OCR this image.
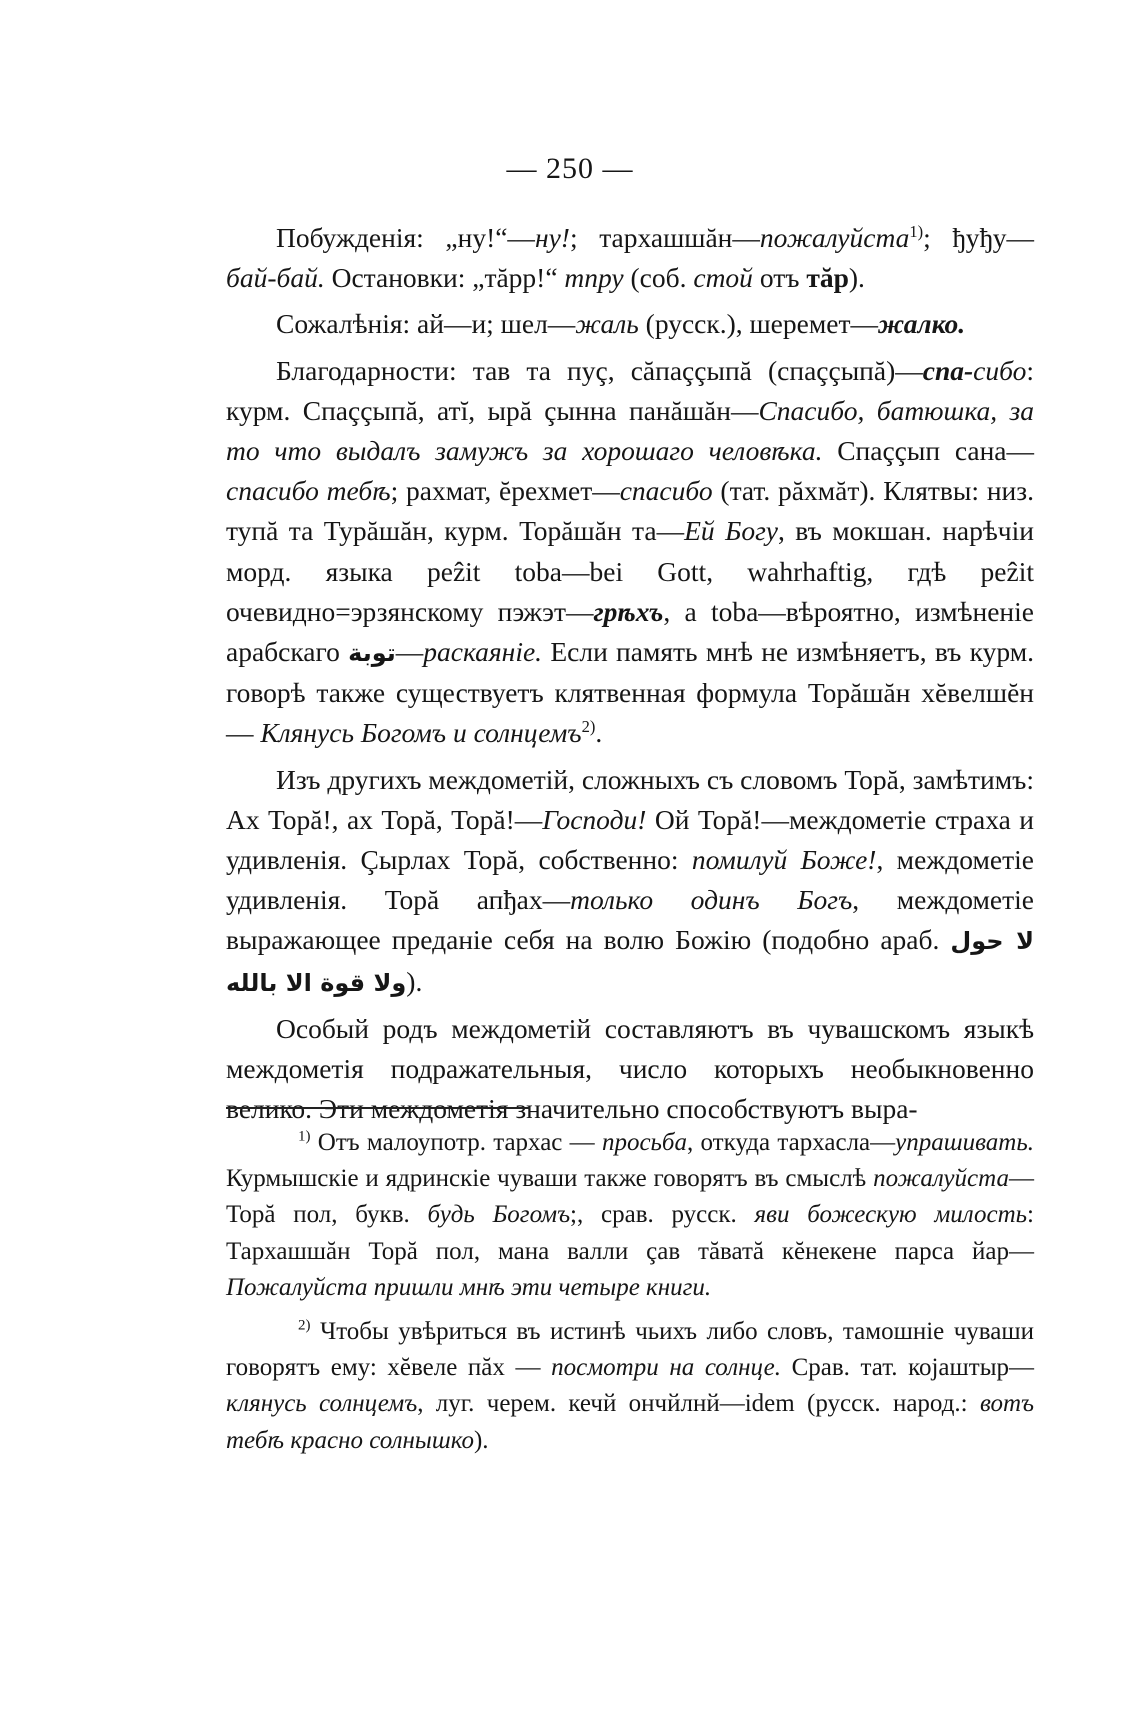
— 250 —

Побужденія: „ну!“—ну!; тархашшăн—пожалуйста$^{1)}$; ђуђу—бай-бай. Остановки: „тăрр!“ тпру (соб. стой отъ тăр).

Сожалѣнія: ай—и; шел—жаль (русск.), шеремет—жалко.

Благодарности: тав та пуç, сăпаççыпă (спаççыпă)—спа-сибо: курм. Спаççыпă, атĭ, ырă çынна панăшăн—Спасибо, батюшка, за то что выдалъ замужъ за хорошаго человѣка. Спаççып сана—спасибо тебѣ; рахмат, ĕрехмет—спасибо (тат. рăхмăт). Клятвы: низ. тупă та Турăшăн, курм. Торăшăн та—Ей Богу, въ мокшан. нарѣчіи морд. языка peẑit toba—bei Gott, wahrhaftig, гдѣ peẑit очевидно=эрзянскому пэжэт—грѣхъ, a toba—вѣроятно, измѣненіе арабскаго توبة—раскаяніе. Если память мнѣ не измѣняетъ, въ курм. говорѣ также существуетъ клятвенная формула Торăшăн хĕвелшĕн — Клянусь Богомъ и солнцемъ$^{2)}$.

Изъ другихъ междометій, сложныхъ съ словомъ Торă, замѣтимъ: Ах Торă!, ах Торă, Торă!—Господи! Ой Торă!—междометіе страха и удивленія. Çырлах Торă, собственно: помилуй Боже!, междометіе удивленія. Торă апђах—только одинъ Богъ, междометіе выражающее преданіе себя на волю Божію (подобно араб. لا حول ولا قوة الا بالله).

Особый родъ междометій составляютъ въ чувашскомъ языкѣ междометія подражательныя, число которыхъ необыкновенно велико. Эти междометія значительно способствуютъ выра-

$^{1)}$ Отъ малоупотр. тархас — просьба, откуда тархасла—упрашивать. Курмышскіе и ядринскіе чуваши также говорятъ въ смыслѣ пожалуйста—Торă пол, букв. будь Богомъ;, срав. русск. яви божескую милость: Тархашшăн Торă пол, мана валли çав тăватă кĕнекене парса йар—Пожалуйста пришли мнѣ эти четыре книги.

$^{2)}$ Чтобы увѣриться въ истинѣ чьихъ либо словъ, тамошніе чуваши говорятъ ему: хĕвеле пăх — посмотри на солнце. Срав. тат. којаштыр—клянусь солнцемъ, луг. черем. кечй ончйлнй—idem (русск. народ.: вотъ тебѣ красно солнышко).
